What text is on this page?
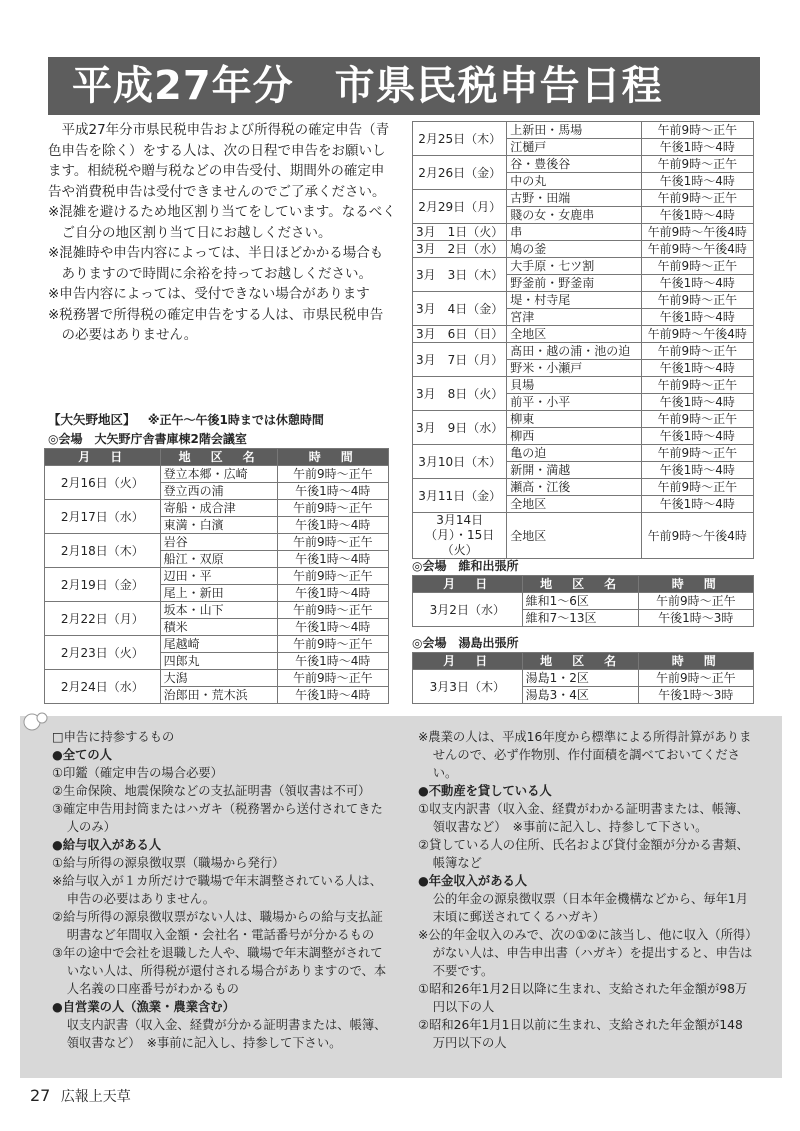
平成27年分　市県民税申告日程

平成27年分市県民税申告および所得税の確定申告（青色申告を除く）をする人は、次の日程で申告をお願いします。相続税や贈与税などの申告受付、期間外の確定申告や消費税申告は受付できませんのでご了承ください。

※混雑を避けるため地区割り当てをしています。なるべくご自分の地区割り当て日にお越しください。

※混雑時や申告内容によっては、半日ほどかかる場合もありますので時間に余裕を持ってお越しください。

※申告内容によっては、受付できない場合があります

※税務署で所得税の確定申告をする人は、市県民税申告の必要はありません。

【大矢野地区】 ※正午～午後1時までは休憩時間
◎会場　大矢野庁舎書庫棟2階会議室
月　日	地　区　名	時　間
2月16日（火）	登立本郷・広崎	午前9時～正午
	登立西の浦	午後1時～4時
2月17日（水）	寄船・成合津	午前9時～正午
	東満・白濱	午後1時～4時
2月18日（木）	岩谷	午前9時～正午
	船江・双原	午後1時～4時
2月19日（金）	辺田・平	午前9時～正午
	尾上・新田	午後1時～4時
2月22日（月）	坂本・山下	午前9時～正午
	積米	午後1時～4時
2月23日（火）	尾越崎	午前9時～正午
	四郎丸	午後1時～4時
2月24日（水）	大潟	午前9時～正午
	治郎田・荒木浜	午後1時～4時
2月25日（木）	上新田・馬場	午前9時～正午
	江樋戸	午後1時～4時
2月26日（金）	谷・豊後谷	午前9時～正午
	中の丸	午後1時～4時
2月29日（月）	古野・田端	午前9時～正午
	賤の女・女鹿串	午後1時～4時
3月　1日（火）	串	午前9時～午後4時
3月　2日（水）	鳩の釜	午前9時～午後4時
3月　3日（木）	大手原・七ツ割	午前9時～正午
	野釜前・野釜南	午後1時～4時
3月　4日（金）	堤・村寺尾	午前9時～正午
	宮津	午後1時～4時
3月　6日（日）	全地区	午前9時～午後4時
3月　7日（月）	髙田・越の浦・池の迫	午前9時～正午
	野米・小瀬戸	午後1時～4時
3月　8日（火）	貝場	午前9時～正午
	前平・小平	午後1時～4時
3月　9日（水）	柳東	午前9時～正午
	柳西	午後1時～4時
3月10日（木）	亀の迫	午前9時～正午
	新開・満越	午後1時～4時
3月11日（金）	瀬高・江後	午前9時～正午
	全地区	午後1時～4時
3月14日（月）・15日（火）	全地区	午前9時～午後4時
◎会場　維和出張所
月　日	地　区　名	時　間
3月2日（水）	維和1～6区	午前9時～正午
	維和7～13区	午後1時～3時
◎会場　湯島出張所
月　日	地　区　名	時　間
3月3日（木）	湯島1・2区	午前9時～正午
	湯島3・4区	午後1時～3時

□申告に持参するもの

●全ての人

①印鑑（確定申告の場合必要）

②生命保険、地震保険などの支払証明書（領収書は不可）

③確定申告用封筒またはハガキ（税務署から送付されてきた人のみ）

●給与収入がある人

①給与所得の源泉徴収票（職場から発行）

※給与収入が１カ所だけで職場で年末調整されている人は、申告の必要はありません。

②給与所得の源泉徴収票がない人は、職場からの給与支払証明書など年間収入金額・会社名・電話番号が分かるもの

③年の途中で会社を退職した人や、職場で年末調整がされていない人は、所得税が還付される場合がありますので、本人名義の口座番号がわかるもの

●自営業の人（漁業・農業含む）

収支内訳書（収入金、経費が分かる証明書または、帳簿、領収書など）　※事前に記入し、持参して下さい。

※農業の人は、平成16年度から標準による所得計算がありませんので、必ず作物別、作付面積を調べておいてください。

●不動産を貸している人

①収支内訳書（収入金、経費がわかる証明書または、帳簿、領収書など）　※事前に記入し、持参して下さい。

②貸している人の住所、氏名および貸付金額が分かる書類、帳簿など

●年金収入がある人

公的年金の源泉徴収票（日本年金機構などから、毎年1月末頃に郵送されてくるハガキ）

※公的年金収入のみで、次の①②に該当し、他に収入（所得）がない人は、申告申出書（ハガキ）を提出すると、申告は不要です。

①昭和26年1月2日以降に生まれ、支給された年金額が98万円以下の人

②昭和26年1月1日以前に生まれ、支給された年金額が148万円以下の人

27 広報上天草
